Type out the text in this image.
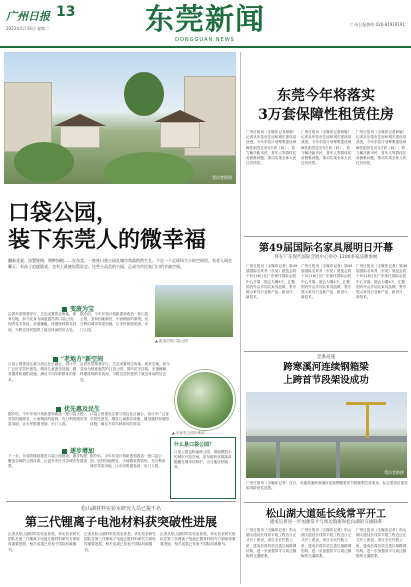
广州日报 13
2023年5月16日 星期二	东莞新闻
DONGGUAN NEWS
广州日报热线 020-81919191
受访者供图
口袋公园，
装下东莞人的微幸福
翻新花架、添置座椅、增种绿植……在东莞，一座座口袋公园在城市角落悄然生长。不足一个足球场大小的空间里，有老人闲坐聊天，有孩子追逐嬉戏，也有上班族短暂驻足。这些小而美的公园，正成为市民家门口的幸福空间。
变废为宝
沿着东莞街巷穿行，过去闲置的边角地、废弃空地，如今变身为绿意盎然的口袋公园。园内花木扶疏，步道蜿蜒，休憩座椅散布其间，为附近居民提供了就近休闲的好去处。
据介绍，今年东莞计划新建和改造一批口袋公园，坚持因地制宜、小而精致的原则，充分利用城市零星用地，让市民推窗见绿、出门入园。
▲ 改造后的口袋公园
"老地方"新空间
口袋公园建设注重与周边社区融合，设计中广泛征求居民意见，增设儿童游乐设施、健身器材和遮阳设施，满足不同年龄群体的需求。
沿着东莞街巷穿行，过去闲置的边角地、废弃空地，如今变身为绿意盎然的口袋公园。园内花木扶疏，步道蜿蜒，休憩座椅散布其间，为附近居民提供了就近休闲的好去处。
▲ 市民在公园内休闲
优先惠及民生
据介绍，今年东莞计划新建和改造一批口袋公园，坚持因地制宜、小而精致的原则，充分利用城市零星用地，让市民推窗见绿、出门入园。
口袋公园建设注重与周边社区融合，设计中广泛征求居民意见，增设儿童游乐设施、健身器材和遮阳设施，满足不同年龄群体的需求。
逐步增加
下一步，东莞将继续推进口袋公园建设，逐步构建覆盖全域的公园体系，让更多市民共享城市发展成果。
据介绍，今年东莞计划新建和改造一批口袋公园，坚持因地制宜、小而精致的原则，充分利用城市零星用地，让市民推窗见绿、出门入园。
什么是口袋公园？
口袋公园也称袖珍公园，指规模很小的城市开放空间，常呈斑块状散落或隐藏在城市结构中，为当地居民服务。
松山湖材料实验室研究人员已提不名
第三代锂离子电池材料获突破性进展
记者从松山湖材料实验室获悉，该实验室研究团队在第三代锂离子电池正极材料研究方面取得重要进展，相关成果已发表于国际权威期刊。
记者从松山湖材料实验室获悉，该实验室研究团队在第三代锂离子电池正极材料研究方面取得重要进展，相关成果已发表于国际权威期刊。
记者从松山湖材料实验室获悉，该实验室研究团队在第三代锂离子电池正极材料研究方面取得重要进展，相关成果已发表于国际权威期刊。
东莞今年将落实
3万套保障性租赁住房
广州日报讯（全媒体记者林敏）记者从东莞市住房和城乡建设局获悉，今年东莞计划筹集建设保障性租赁住房3万套（间），着力解决新市民、青年人等群体住房困难问题，推动实现全体人民住有所居。
广州日报讯（全媒体记者林敏）记者从东莞市住房和城乡建设局获悉，今年东莞计划筹集建设保障性租赁住房3万套（间），着力解决新市民、青年人等群体住房困难问题，推动实现全体人民住有所居。
广州日报讯（全媒体记者林敏）记者从东莞市住房和城乡建设局获悉，今年东莞计划筹集建设保障性租赁住房3万套（间），着力解决新市民、青年人等群体住房困难问题，推动实现全体人民住有所居。
第49届国际名家具展明日开幕
将在广东现代国际会展中心举办 1200多家品牌参展
广州日报讯（全媒体记者）第49届国际名家具（东莞）展览会将于5月16日在广东现代国际会展中心开幕，展会为期4天，汇聚国内外众多知名家具品牌，集中展示家具行业新产品、新设计、新技术。
广州日报讯（全媒体记者）第49届国际名家具（东莞）展览会将于5月16日在广东现代国际会展中心开幕，展会为期4天，汇聚国内外众多知名家具品牌，集中展示家具行业新产品、新设计、新技术。
广州日报讯（全媒体记者）第49届国际名家具（东莞）展览会将于5月16日在广东现代国际会展中心开幕，展会为期4天，汇聚国内外众多知名家具品牌，集中展示家具行业新产品、新设计、新技术。
莞番高速
跨寒溪河连续钢箱梁
上跨首节段架设成功
受访者供图
广州日报讯（全媒体记者）近日，莞番高速跨寒溪河连续钢箱梁首节段顺利完成架设，标志着项目建设取得阶段性进展。
松山湖大道延长线常平开工
建成后将进一步加强常平与周边镇街和松山湖的交通联系
广州日报讯（全媒体记者）松山湖大道延长线常平段工程近日正式开工建设，项目全长约数公里，建成后将有效完善区域路网结构，进一步加强常平与周边镇街的交通联系。
广州日报讯（全媒体记者）松山湖大道延长线常平段工程近日正式开工建设，项目全长约数公里，建成后将有效完善区域路网结构，进一步加强常平与周边镇街的交通联系。
广州日报讯（全媒体记者）松山湖大道延长线常平段工程近日正式开工建设，项目全长约数公里，建成后将有效完善区域路网结构，进一步加强常平与周边镇街的交通联系。
